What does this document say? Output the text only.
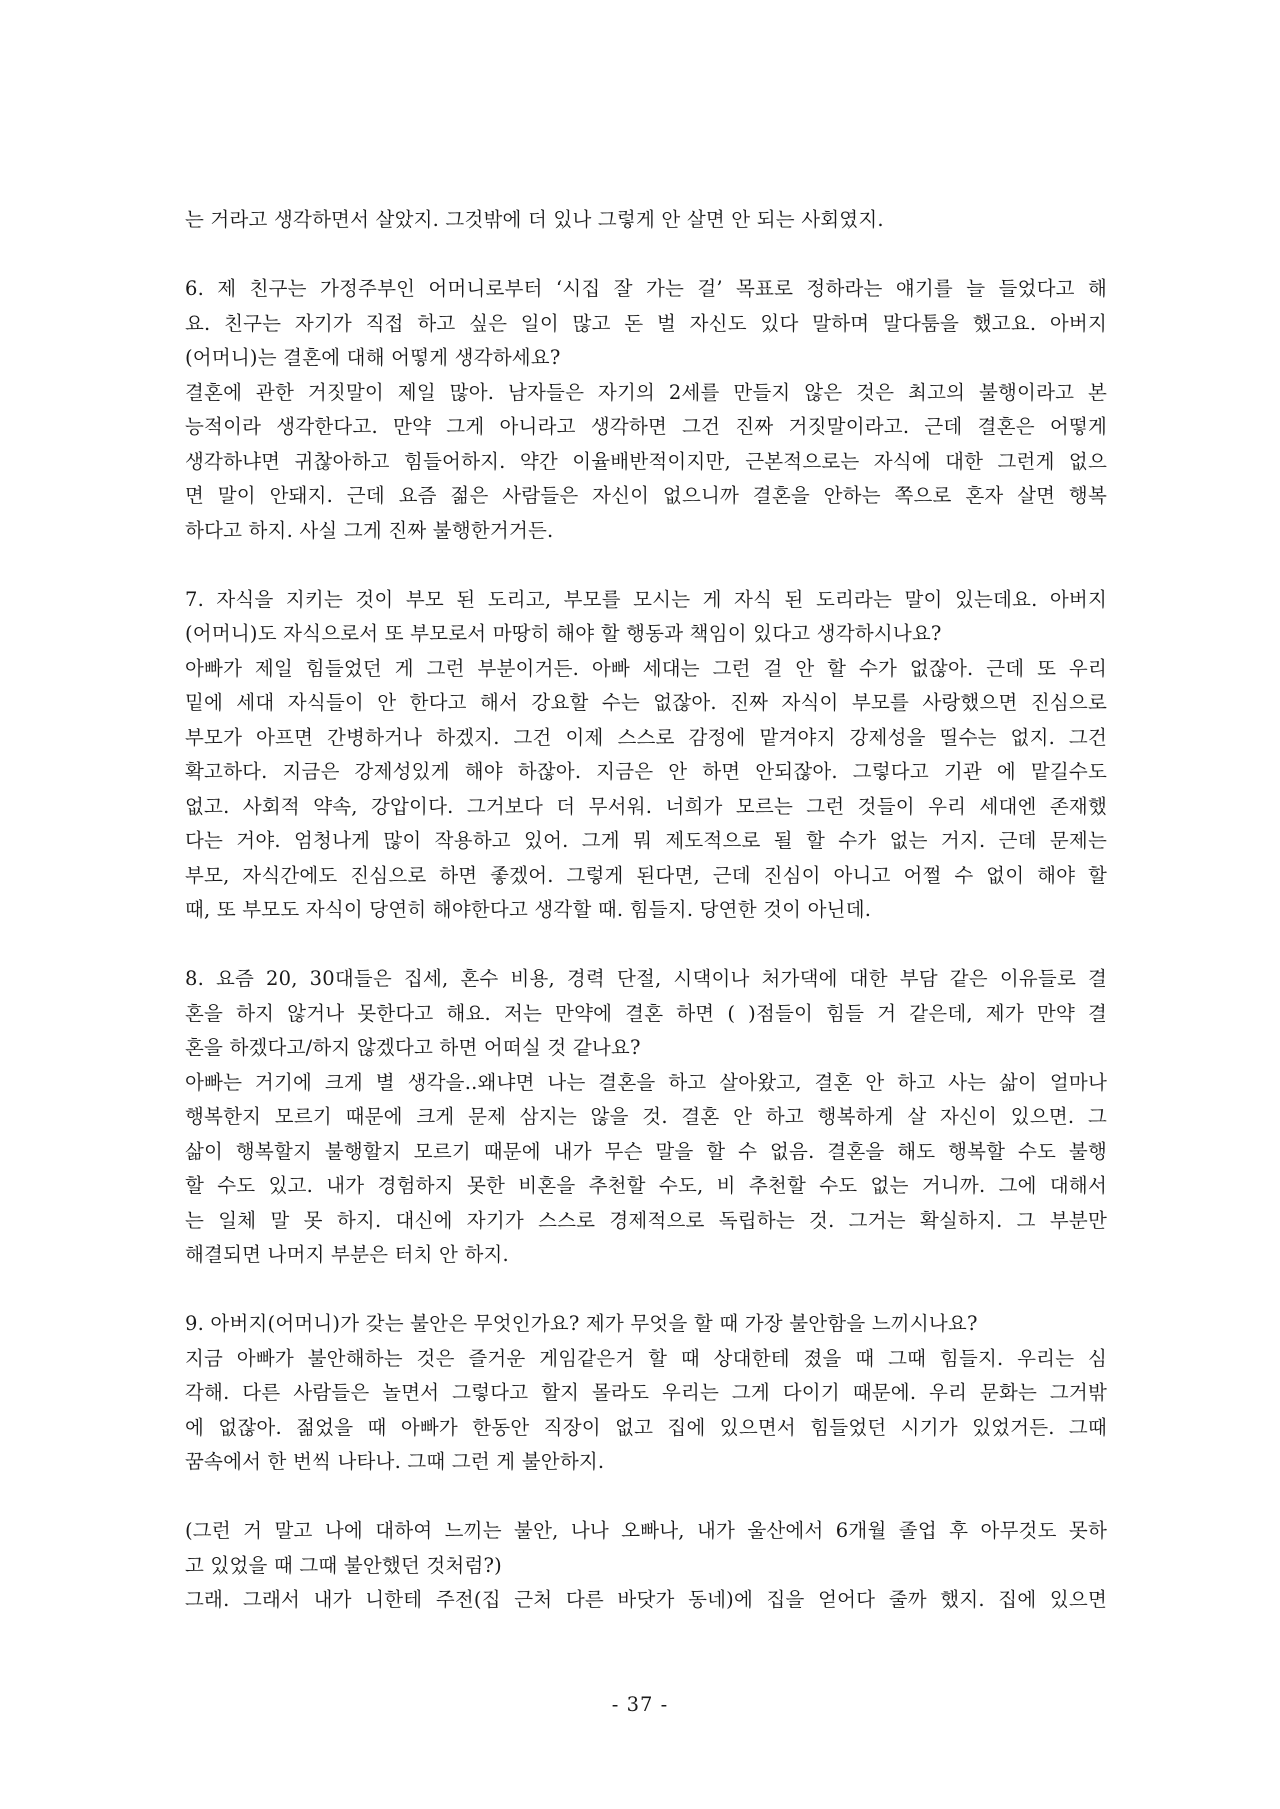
는 거라고 생각하면서 살았지. 그것밖에 더 있나 그렇게 안 살면 안 되는 사회였지.

6. 제 친구는 가정주부인 어머니로부터 ‘시집 잘 가는 걸’ 목표로 정하라는 얘기를 늘 들었다고 해
요. 친구는 자기가 직접 하고 싶은 일이 많고 돈 벌 자신도 있다 말하며 말다툼을 했고요. 아버지
(어머니)는 결혼에 대해 어떻게 생각하세요?
결혼에 관한 거짓말이 제일 많아. 남자들은 자기의 2세를 만들지 않은 것은 최고의 불행이라고 본
능적이라 생각한다고. 만약 그게 아니라고 생각하면 그건 진짜 거짓말이라고. 근데 결혼은 어떻게
생각하냐면 귀찮아하고 힘들어하지. 약간 이율배반적이지만, 근본적으로는 자식에 대한 그런게 없으
면 말이 안돼지. 근데 요즘 젊은 사람들은 자신이 없으니까 결혼을 안하는 쪽으로 혼자 살면 행복
하다고 하지. 사실 그게 진짜 불행한거거든.

7. 자식을 지키는 것이 부모 된 도리고, 부모를 모시는 게 자식 된 도리라는 말이 있는데요. 아버지
(어머니)도 자식으로서 또 부모로서 마땅히 해야 할 행동과 책임이 있다고 생각하시나요?
아빠가 제일 힘들었던 게 그런 부분이거든. 아빠 세대는 그런 걸 안 할 수가 없잖아. 근데 또 우리
밑에 세대 자식들이 안 한다고 해서 강요할 수는 없잖아. 진짜 자식이 부모를 사랑했으면 진심으로
부모가 아프면 간병하거나 하겠지. 그건 이제 스스로 감정에 맡겨야지 강제성을 띨수는 없지. 그건
확고하다. 지금은 강제성있게 해야 하잖아. 지금은 안 하면 안되잖아. 그렇다고 기관 에 맡길수도
없고. 사회적 약속, 강압이다. 그거보다 더 무서워. 너희가 모르는 그런 것들이 우리 세대엔 존재했
다는 거야. 엄청나게 많이 작용하고 있어. 그게 뭐 제도적으로 될 할 수가 없는 거지. 근데 문제는
부모, 자식간에도 진심으로 하면 좋겠어. 그렇게 된다면, 근데 진심이 아니고 어쩔 수 없이 해야 할
때, 또 부모도 자식이 당연히 해야한다고 생각할 때. 힘들지. 당연한 것이 아닌데.

8. 요즘 20, 30대들은 집세, 혼수 비용, 경력 단절, 시댁이나 처가댁에 대한 부담 같은 이유들로 결
혼을 하지 않거나 못한다고 해요. 저는 만약에 결혼 하면 ( )점들이 힘들 거 같은데, 제가 만약 결
혼을 하겠다고/하지 않겠다고 하면 어떠실 것 같나요?
아빠는 거기에 크게 별 생각을..왜냐면 나는 결혼을 하고 살아왔고, 결혼 안 하고 사는 삶이 얼마나
행복한지 모르기 때문에 크게 문제 삼지는 않을 것. 결혼 안 하고 행복하게 살 자신이 있으면. 그
삶이 행복할지 불행할지 모르기 때문에 내가 무슨 말을 할 수 없음. 결혼을 해도 행복할 수도 불행
할 수도 있고. 내가 경험하지 못한 비혼을 추천할 수도, 비 추천할 수도 없는 거니까. 그에 대해서
는 일체 말 못 하지. 대신에 자기가 스스로 경제적으로 독립하는 것. 그거는 확실하지. 그 부분만
해결되면 나머지 부분은 터치 안 하지.

9. 아버지(어머니)가 갖는 불안은 무엇인가요? 제가 무엇을 할 때 가장 불안함을 느끼시나요?
지금 아빠가 불안해하는 것은 즐거운 게임같은거 할 때 상대한테 졌을 때 그때 힘들지. 우리는 심
각해. 다른 사람들은 놀면서 그렇다고 할지 몰라도 우리는 그게 다이기 때문에. 우리 문화는 그거밖
에 없잖아. 젊었을 때 아빠가 한동안 직장이 없고 집에 있으면서 힘들었던 시기가 있었거든. 그때
꿈속에서 한 번씩 나타나. 그때 그런 게 불안하지.

(그런 거 말고 나에 대하여 느끼는 불안, 나나 오빠나, 내가 울산에서 6개월 졸업 후 아무것도 못하
고 있었을 때 그때 불안했던 것처럼?)
그래. 그래서 내가 니한테 주전(집 근처 다른 바닷가 동네)에 집을 얻어다 줄까 했지. 집에 있으면

- 37 -
